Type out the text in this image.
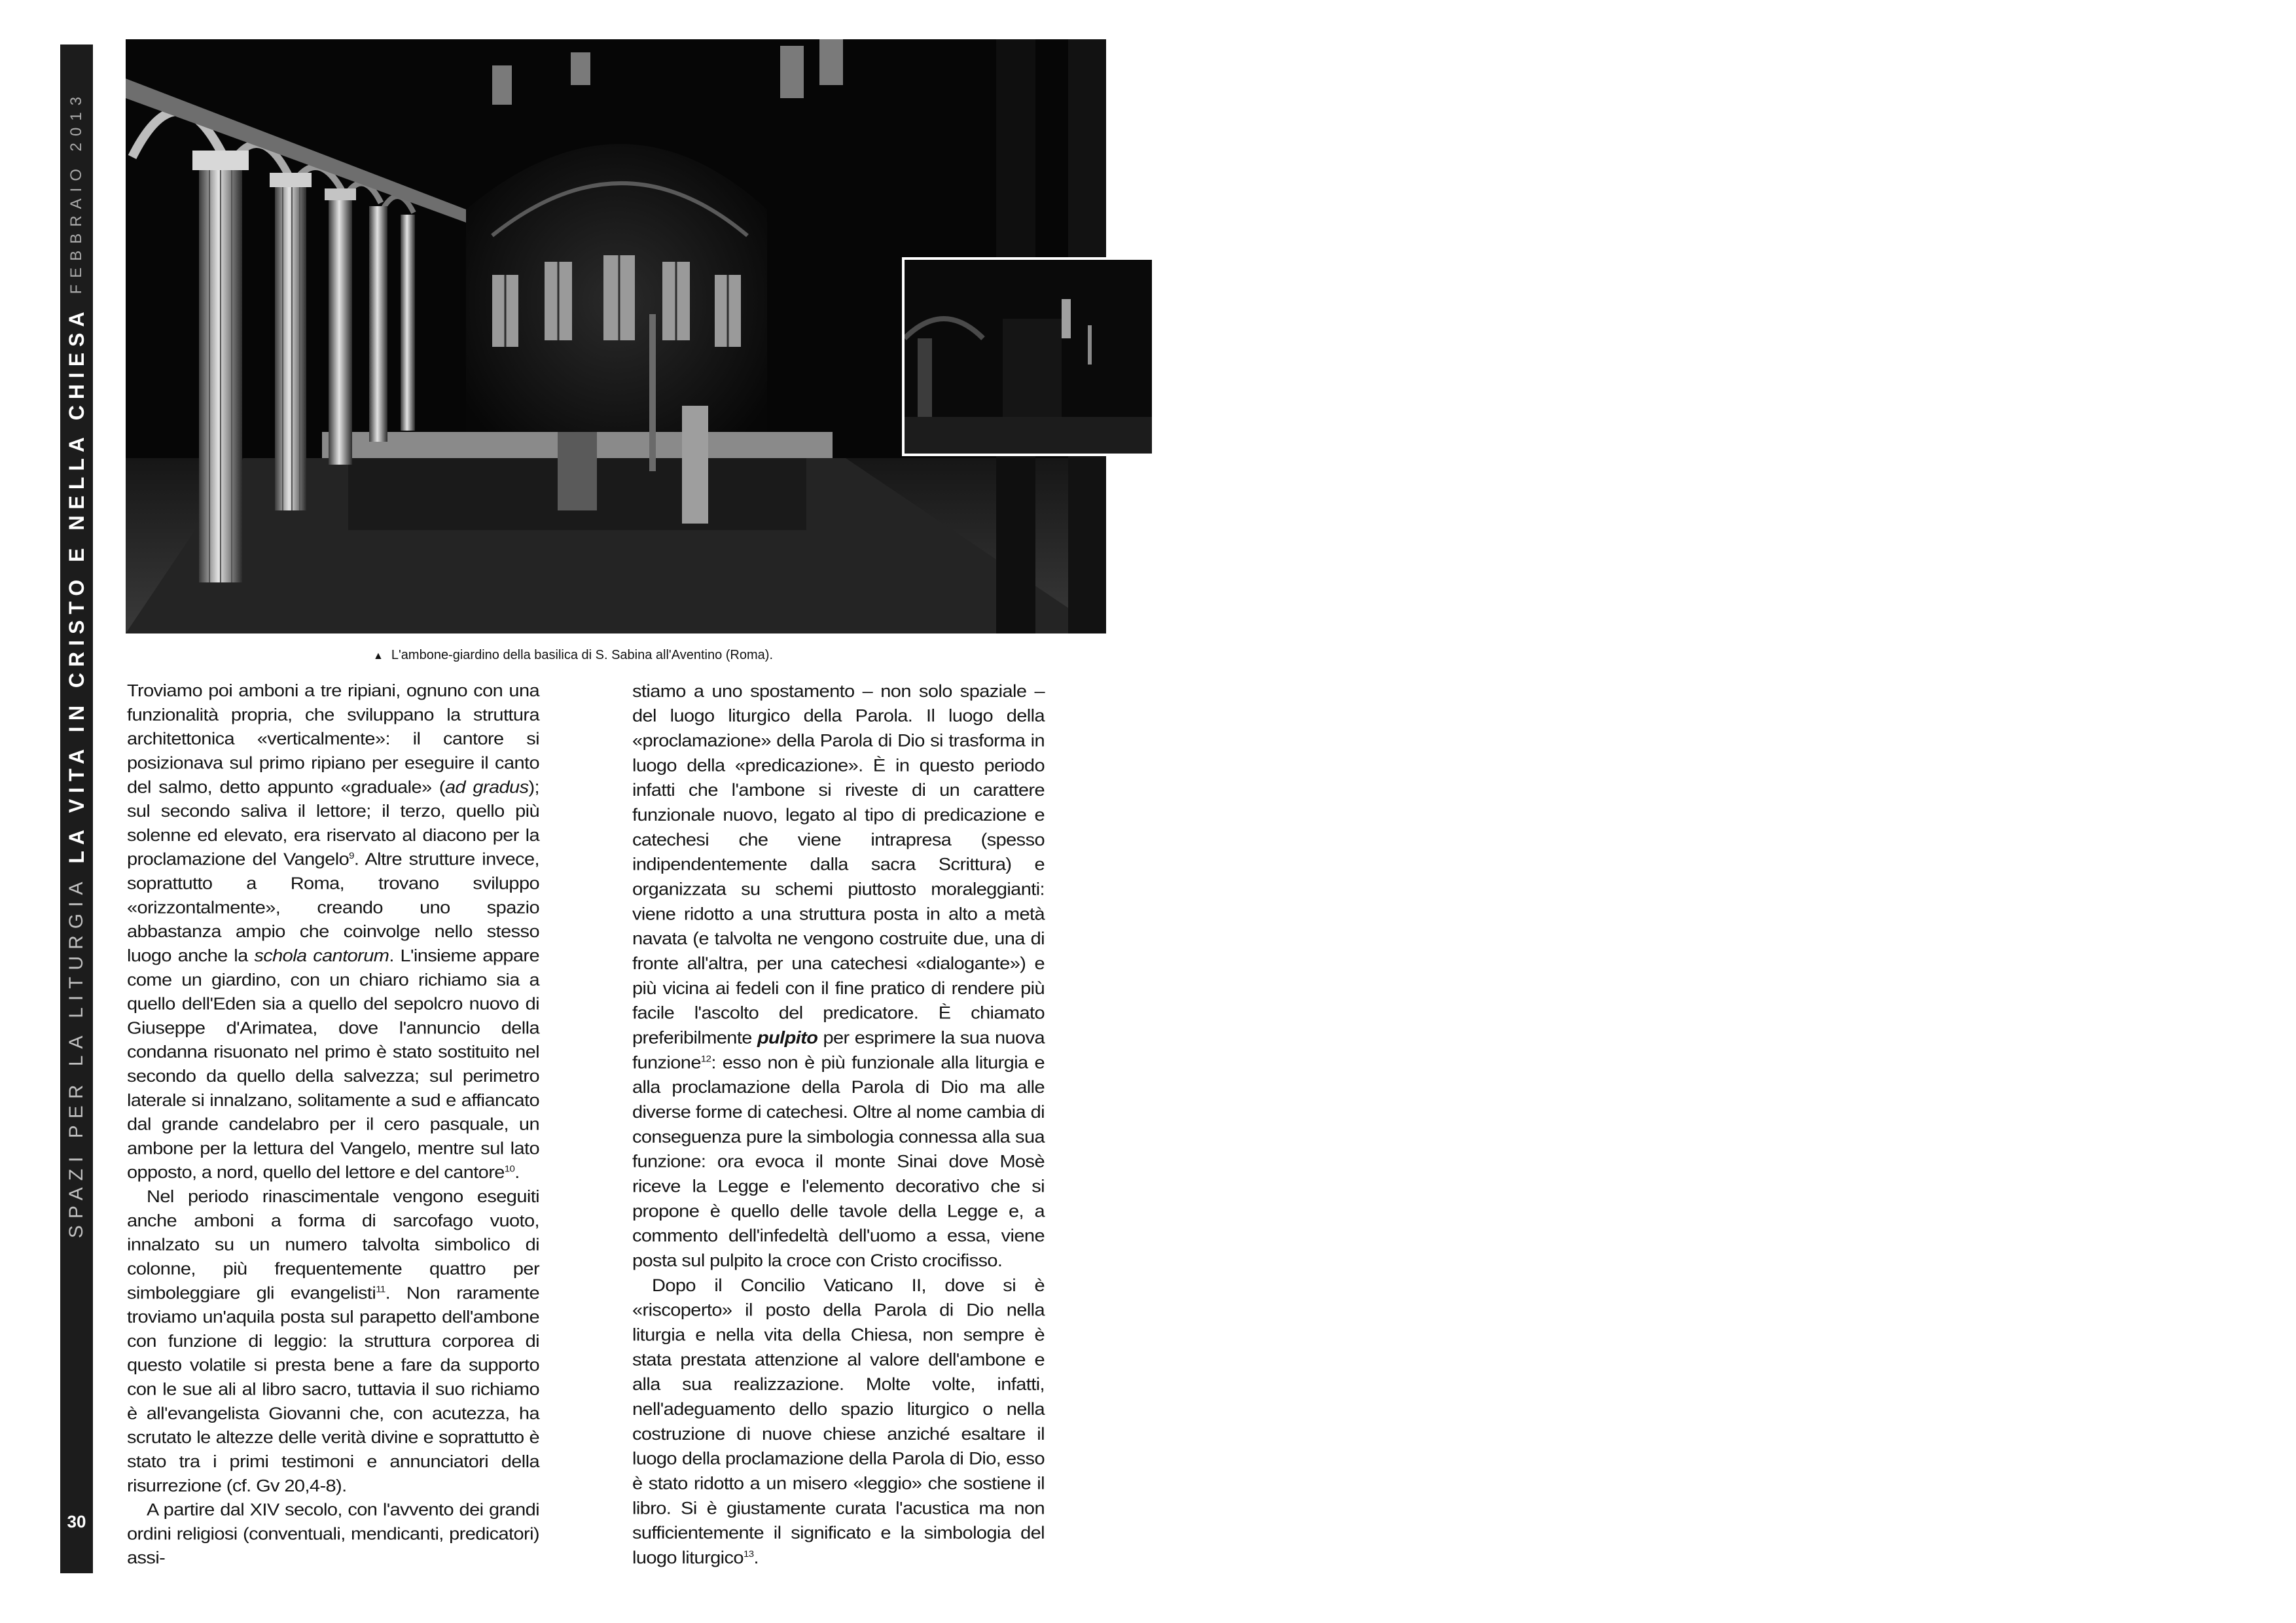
SPAZI PER LA LITURGIA
LA VITA IN CRISTO E NELLA CHIESA
FEBBRAIO 2013
30
▲ L'ambone-giardino della basilica di S. Sabina all'Aventino (Roma).

Troviamo poi amboni a tre ripiani, ognuno con una funzionalità propria, che sviluppano la struttura architettonica «verticalmente»: il cantore si posizionava sul primo ripiano per eseguire il canto del salmo, detto appunto «graduale» (ad gradus); sul secondo saliva il lettore; il terzo, quello più solenne ed elevato, era riservato al diacono per la proclamazione del Vangelo$^9$. Altre strutture invece, soprattutto a Roma, trovano sviluppo «orizzontalmente», creando uno spazio abbastanza ampio che coinvolge nello stesso luogo anche la schola cantorum. L'insieme appare come un giardino, con un chiaro richiamo sia a quello dell'Eden sia a quello del sepolcro nuovo di Giuseppe d'Arimatea, dove l'annuncio della condanna risuonato nel primo è stato sostituito nel secondo da quello della salvezza; sul perimetro laterale si innalzano, solitamente a sud e affiancato dal grande candelabro per il cero pasquale, un ambone per la lettura del Vangelo, mentre sul lato opposto, a nord, quello del lettore e del cantore$^{10}$.

Nel periodo rinascimentale vengono eseguiti anche amboni a forma di sarcofago vuoto, innalzato su un numero talvolta simbolico di colonne, più frequentemente quattro per simboleggiare gli evangelisti$^{11}$. Non raramente troviamo un'aquila posta sul parapetto dell'ambone con funzione di leggio: la struttura corporea di questo volatile si presta bene a fare da supporto con le sue ali al libro sacro, tuttavia il suo richiamo è all'evangelista Giovanni che, con acutezza, ha scrutato le altezze delle verità divine e soprattutto è stato tra i primi testimoni e annunciatori della risurrezione (cf. Gv 20,4-8).

A partire dal XIV secolo, con l'avvento dei grandi ordini religiosi (conventuali, mendicanti, predicatori) assi-

stiamo a uno spostamento – non solo spaziale – del luogo liturgico della Parola. Il luogo della «proclamazione» della Parola di Dio si trasforma in luogo della «predicazione». È in questo periodo infatti che l'ambone si riveste di un carattere funzionale nuovo, legato al tipo di predicazione e catechesi che viene intrapresa (spesso indipendentemente dalla sacra Scrittura) e organizzata su schemi piuttosto moraleggianti: viene ridotto a una struttura posta in alto a metà navata (e talvolta ne vengono costruite due, una di fronte all'altra, per una catechesi «dialogante») e più vicina ai fedeli con il fine pratico di rendere più facile l'ascolto del predicatore. È chiamato preferibilmente pulpito per esprimere la sua nuova funzione$^{12}$: esso non è più funzionale alla liturgia e alla proclamazione della Parola di Dio ma alle diverse forme di catechesi. Oltre al nome cambia di conseguenza pure la simbologia connessa alla sua funzione: ora evoca il monte Sinai dove Mosè riceve la Legge e l'elemento decorativo che si propone è quello delle tavole della Legge e, a commento dell'infedeltà dell'uomo a essa, viene posta sul pulpito la croce con Cristo crocifisso.

Dopo il Concilio Vaticano II, dove si è «riscoperto» il posto della Parola di Dio nella liturgia e nella vita della Chiesa, non sempre è stata prestata attenzione al valore dell'ambone e alla sua realizzazione. Molte volte, infatti, nell'adeguamento dello spazio liturgico o nella costruzione di nuove chiese anziché esaltare il luogo della proclamazione della Parola di Dio, esso è stato ridotto a un misero «leggio» che sostiene il libro. Si è giustamente curata l'acustica ma non sufficientemente il significato e la simbologia del luogo liturgico$^{13}$.
